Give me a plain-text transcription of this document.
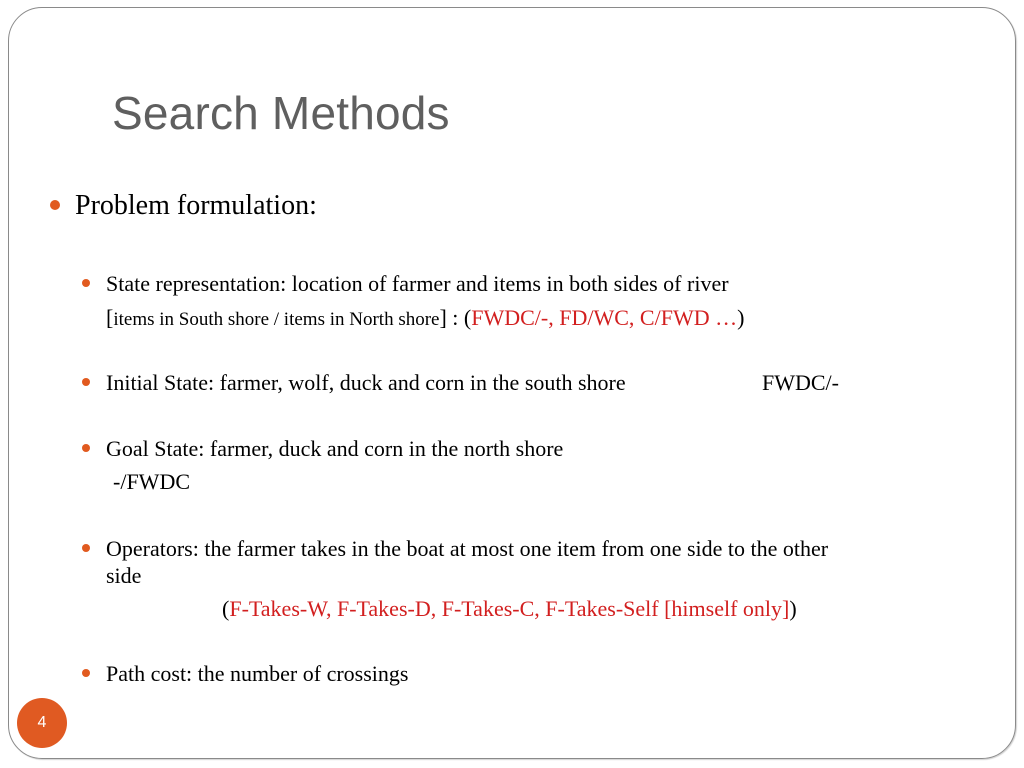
Search Methods
Problem formulation:
State representation: location of farmer and items in both sides of river
[items in South shore / items in North shore] : (FWDC/-, FD/WC, C/FWD …)
Initial State: farmer, wolf, duck and corn in the south shore	FWDC/-
Goal State: farmer, duck and corn in the north shore
-/FWDC
Operators: the farmer takes in the boat at most one item from one side to the other
side
(F-Takes-W, F-Takes-D, F-Takes-C, F-Takes-Self [himself only])
Path cost: the number of crossings
4
